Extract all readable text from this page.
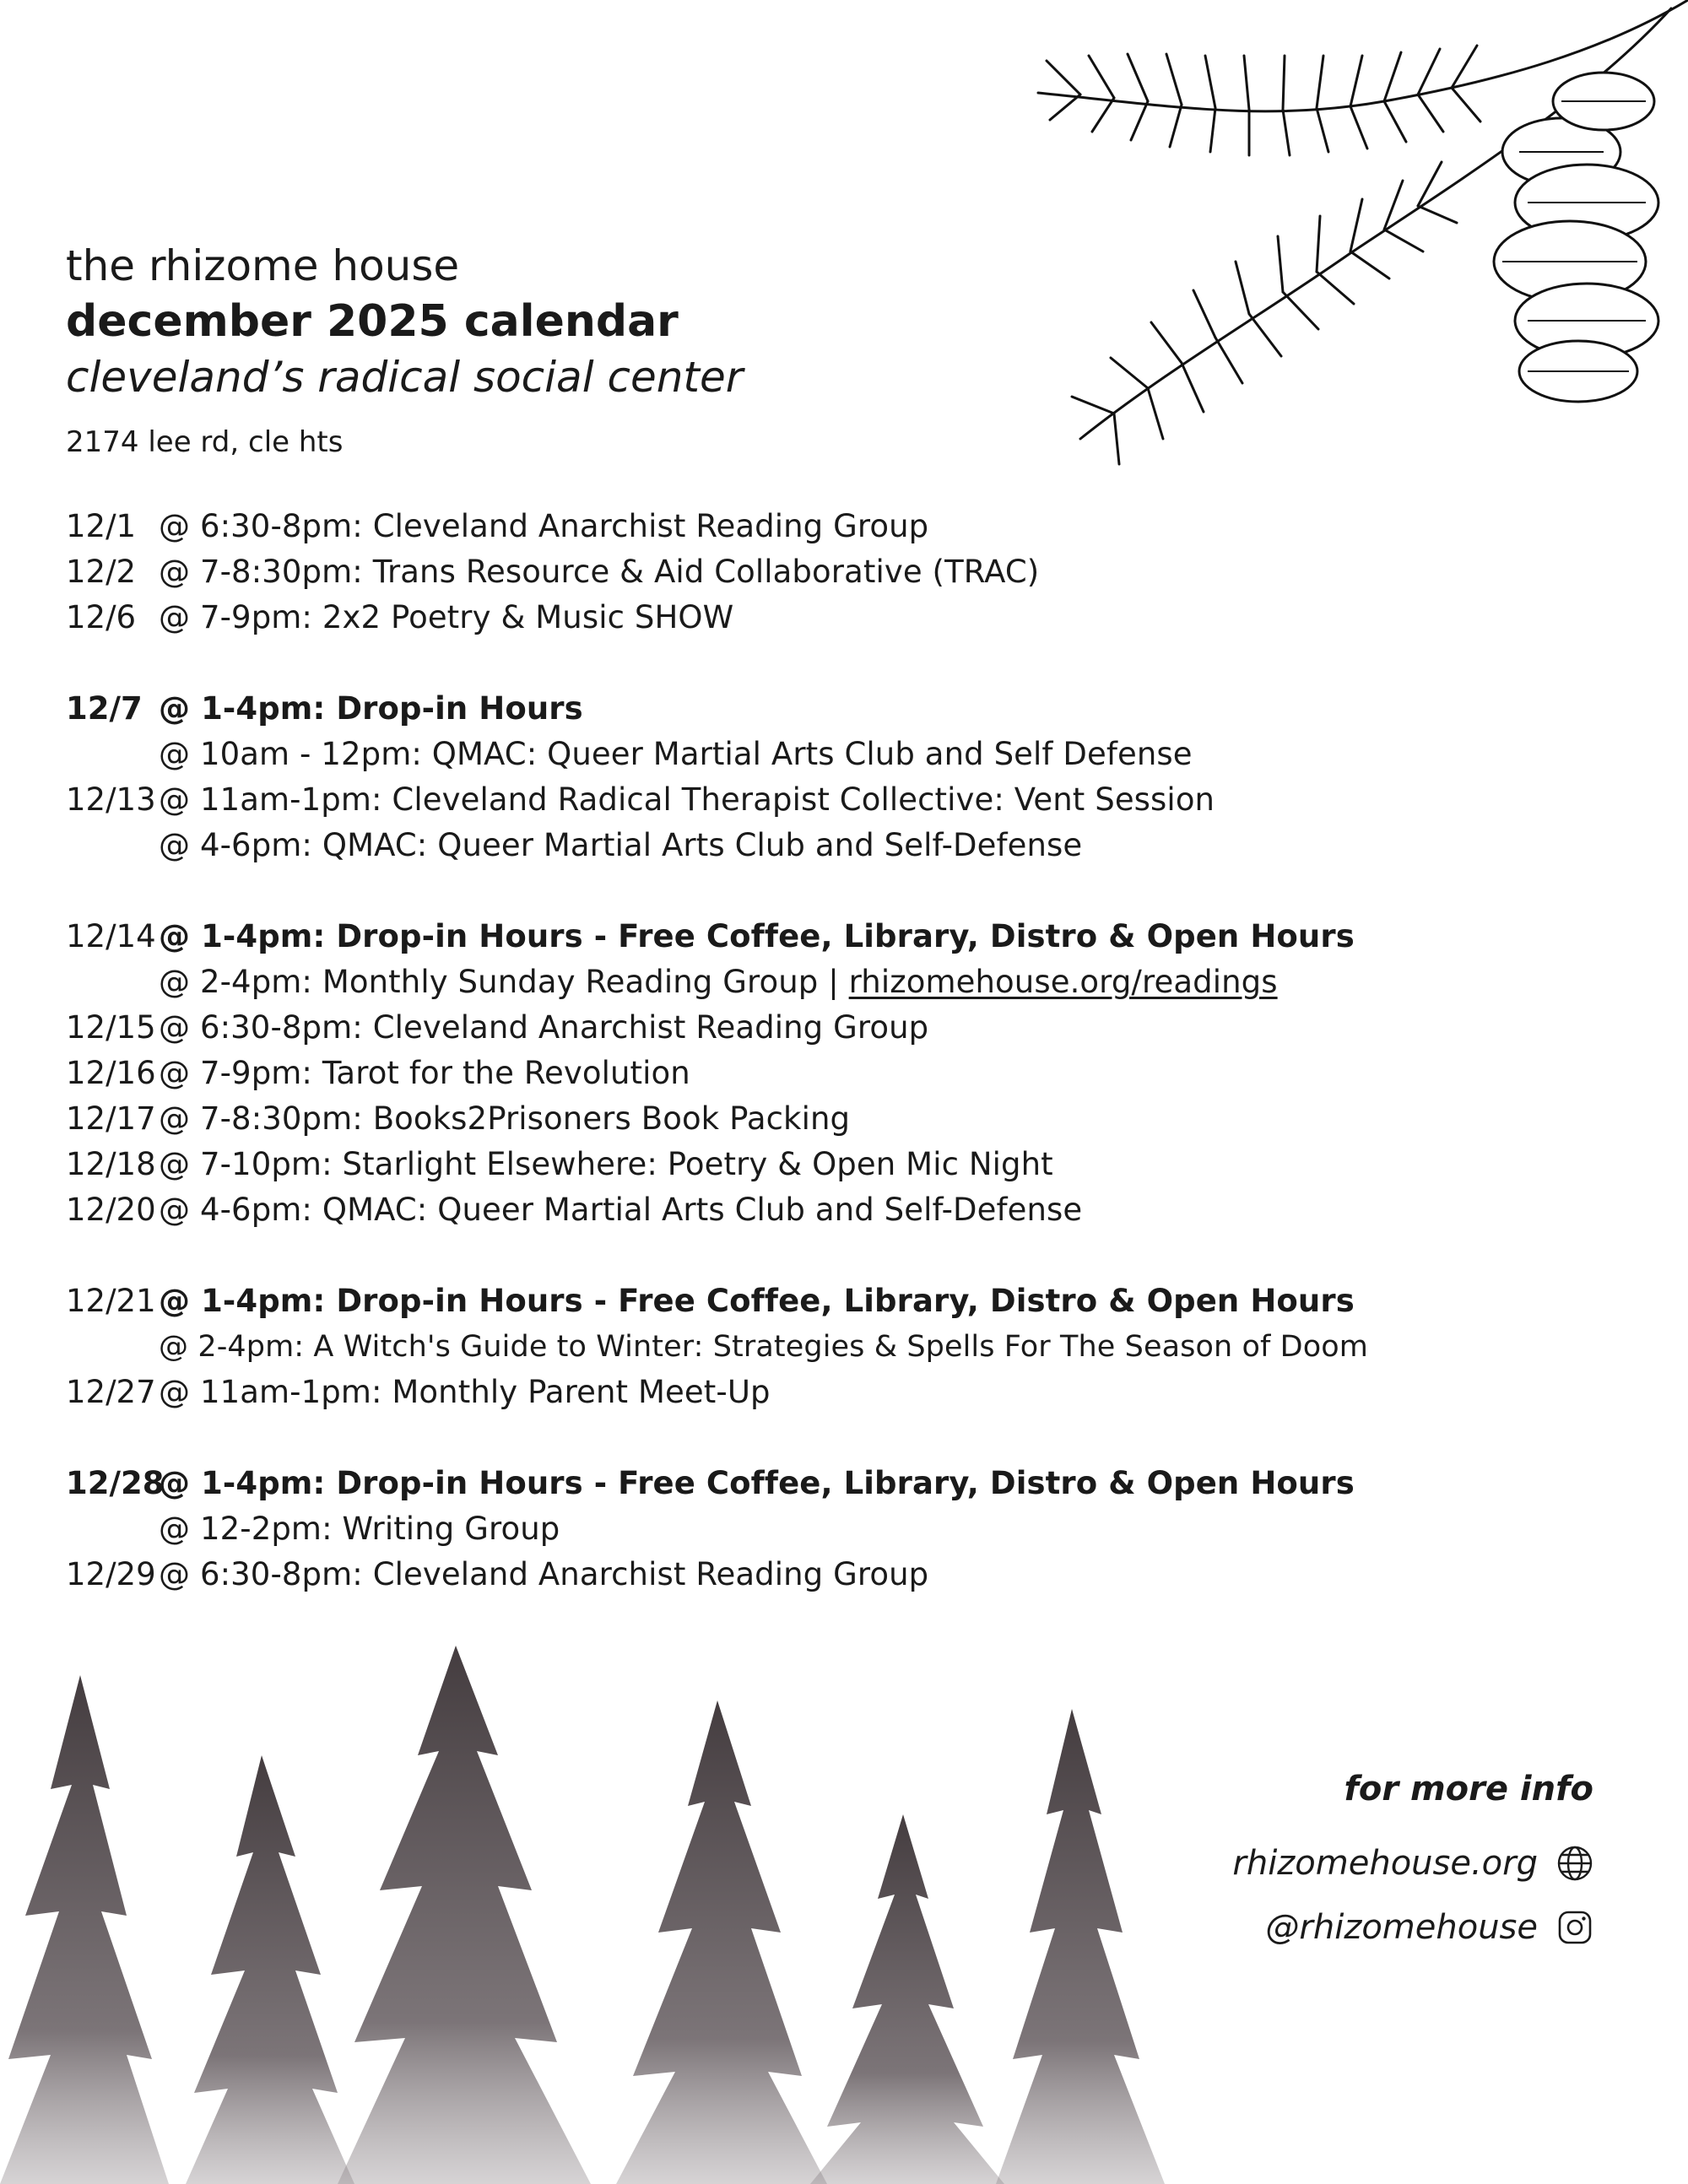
the rhizome house
december 2025 calendar
cleveland’s radical social center
2174 lee rd, cle hts
12/1 @ 6:30-8pm: Cleveland Anarchist Reading Group
12/2 @ 7-8:30pm: Trans Resource & Aid Collaborative (TRAC)
12/6 @ 7-9pm: 2x2 Poetry & Music SHOW
12/7 @ 1-4pm: Drop-in Hours
@ 10am - 12pm: QMAC: Queer Martial Arts Club and Self Defense
12/13 @ 11am-1pm: Cleveland Radical Therapist Collective: Vent Session
@ 4-6pm: QMAC: Queer Martial Arts Club and Self-Defense
12/14 @ 1-4pm: Drop-in Hours - Free Coffee, Library, Distro & Open Hours
@ 2-4pm: Monthly Sunday Reading Group | rhizomehouse.org/readings
12/15 @ 6:30-8pm: Cleveland Anarchist Reading Group
12/16 @ 7-9pm: Tarot for the Revolution
12/17 @ 7-8:30pm: Books2Prisoners Book Packing
12/18 @ 7-10pm: Starlight Elsewhere: Poetry & Open Mic Night
12/20 @ 4-6pm: QMAC: Queer Martial Arts Club and Self-Defense
12/21 @ 1-4pm: Drop-in Hours - Free Coffee, Library, Distro & Open Hours
@ 2-4pm: A Witch's Guide to Winter: Strategies & Spells For The Season of Doom
12/27 @ 11am-1pm: Monthly Parent Meet-Up
12/28
@ 1-4pm: Drop-in Hours - Free Coffee, Library, Distro & Open Hours
@ 12-2pm: Writing Group
12/29 @ 6:30-8pm: Cleveland Anarchist Reading Group
for more info
rhizomehouse.org
@rhizomehouse
